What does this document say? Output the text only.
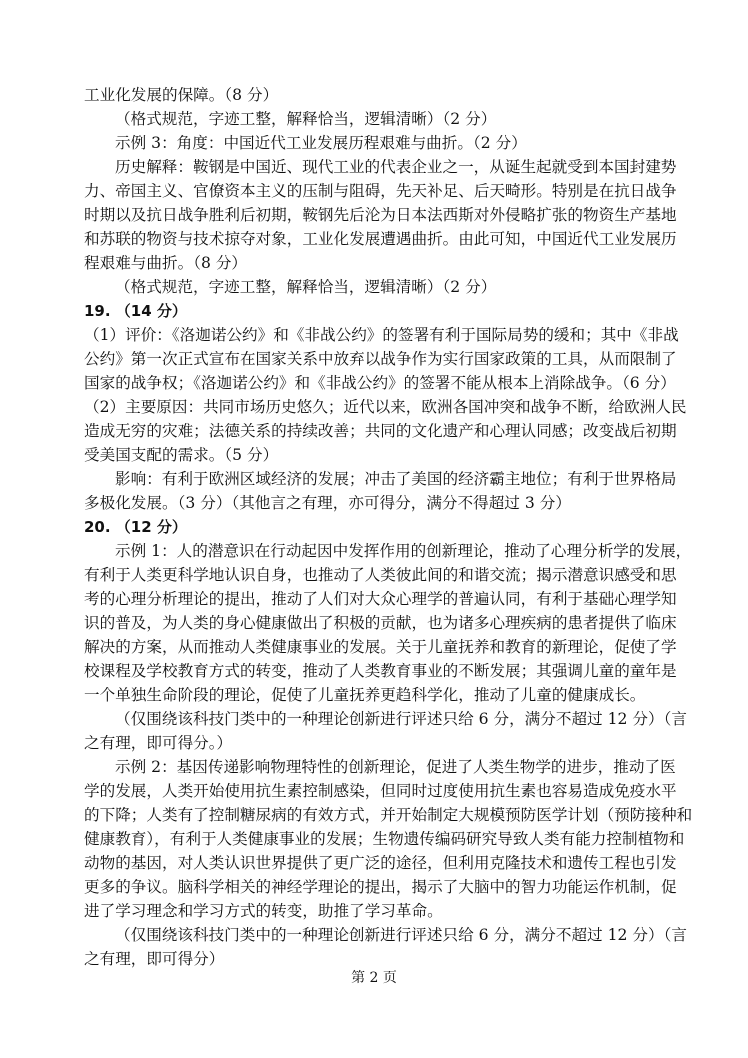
工业化发展的保障。（8 分）
（格式规范，字迹工整，解释恰当，逻辑清晰）（2 分）
示例 3：角度：中国近代工业发展历程艰难与曲折。（2 分）
历史解释：鞍钢是中国近、现代工业的代表企业之一，从诞生起就受到本国封建势
力、帝国主义、官僚资本主义的压制与阻碍，先天补足、后天畸形。特别是在抗日战争
时期以及抗日战争胜利后初期，鞍钢先后沦为日本法西斯对外侵略扩张的物资生产基地
和苏联的物资与技术掠夺对象，工业化发展遭遇曲折。由此可知，中国近代工业发展历
程艰难与曲折。（8 分）
（格式规范，字迹工整，解释恰当，逻辑清晰）（2 分）
19. （14 分）
（1）评价：《洛迦诺公约》和《非战公约》的签署有利于国际局势的缓和；其中《非战
公约》第一次正式宣布在国家关系中放弃以战争作为实行国家政策的工具，从而限制了
国家的战争权；《洛迦诺公约》和《非战公约》的签署不能从根本上消除战争。（6 分）
（2）主要原因：共同市场历史悠久；近代以来，欧洲各国冲突和战争不断，给欧洲人民
造成无穷的灾难；法德关系的持续改善；共同的文化遗产和心理认同感；改变战后初期
受美国支配的需求。（5 分）
影响：有利于欧洲区域经济的发展；冲击了美国的经济霸主地位；有利于世界格局
多极化发展。（3 分）（其他言之有理，亦可得分，满分不得超过 3 分）
20. （12 分）
示例 1：人的潜意识在行动起因中发挥作用的创新理论，推动了心理分析学的发展，
有利于人类更科学地认识自身，也推动了人类彼此间的和谐交流；揭示潜意识感受和思
考的心理分析理论的提出，推动了人们对大众心理学的普遍认同，有利于基础心理学知
识的普及，为人类的身心健康做出了积极的贡献，也为诸多心理疾病的患者提供了临床
解决的方案，从而推动人类健康事业的发展。关于儿童抚养和教育的新理论，促使了学
校课程及学校教育方式的转变，推动了人类教育事业的不断发展；其强调儿童的童年是
一个单独生命阶段的理论，促使了儿童抚养更趋科学化，推动了儿童的健康成长。
（仅围绕该科技门类中的一种理论创新进行评述只给 6 分，满分不超过 12 分）（言
之有理，即可得分。）
示例 2：基因传递影响物理特性的创新理论，促进了人类生物学的进步，推动了医
学的发展，人类开始使用抗生素控制感染，但同时过度使用抗生素也容易造成免疫水平
的下降；人类有了控制糖尿病的有效方式，并开始制定大规模预防医学计划（预防接种和
健康教育），有利于人类健康事业的发展；生物遗传编码研究导致人类有能力控制植物和
动物的基因，对人类认识世界提供了更广泛的途径，但利用克隆技术和遗传工程也引发
更多的争议。脑科学相关的神经学理论的提出，揭示了大脑中的智力功能运作机制，促
进了学习理念和学习方式的转变，助推了学习革命。
（仅围绕该科技门类中的一种理论创新进行评述只给 6 分，满分不超过 12 分）（言
之有理，即可得分）
第 2 页
